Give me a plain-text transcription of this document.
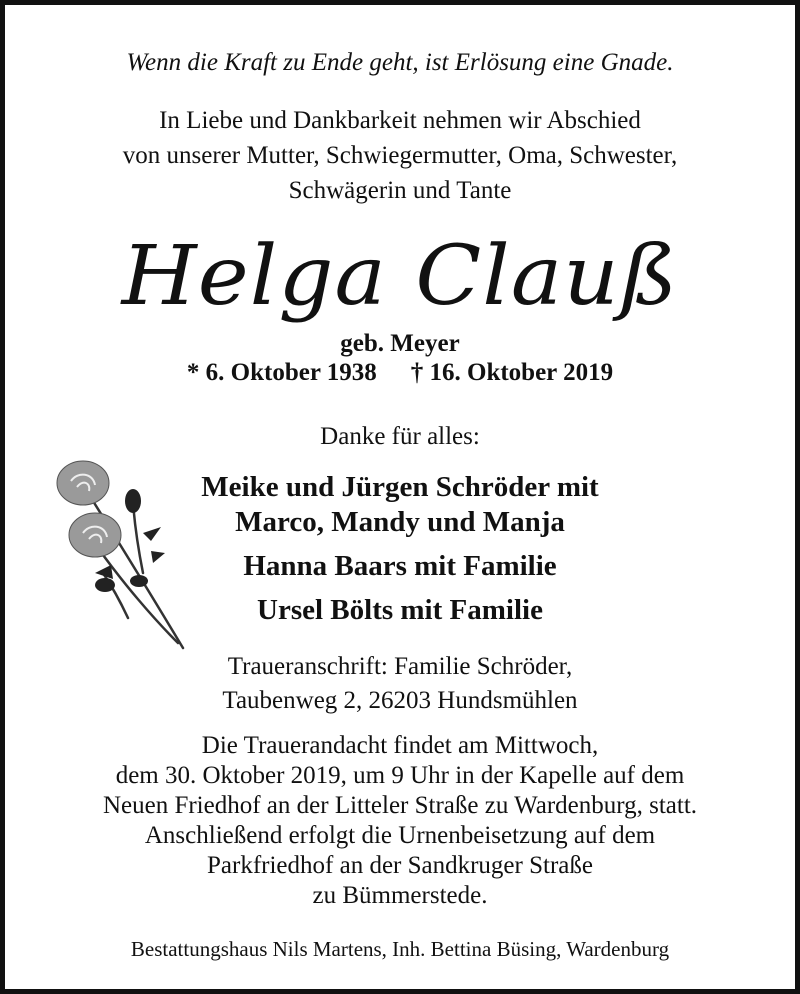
Wenn die Kraft zu Ende geht, ist Erlösung eine Gnade.
In Liebe und Dankbarkeit nehmen wir Abschied
von unserer Mutter, Schwiegermutter, Oma, Schwester,
Schwägerin und Tante
Helga Clauß
geb. Meyer
* 6. Oktober 1938 † 16. Oktober 2019
Danke für alles:
Meike und Jürgen Schröder mit
Marco, Mandy und Manja
Hanna Baars mit Familie
Ursel Bölts mit Familie
Traueranschrift: Familie Schröder,
Taubenweg 2, 26203 Hundsmühlen
Die Trauerandacht findet am Mittwoch,
dem 30. Oktober 2019, um 9 Uhr in der Kapelle auf dem
Neuen Friedhof an der Litteler Straße zu Wardenburg, statt.
Anschließend erfolgt die Urnenbeisetzung auf dem
Parkfriedhof an der Sandkruger Straße
zu Bümmerstede.
Bestattungshaus Nils Martens, Inh. Bettina Büsing, Wardenburg
